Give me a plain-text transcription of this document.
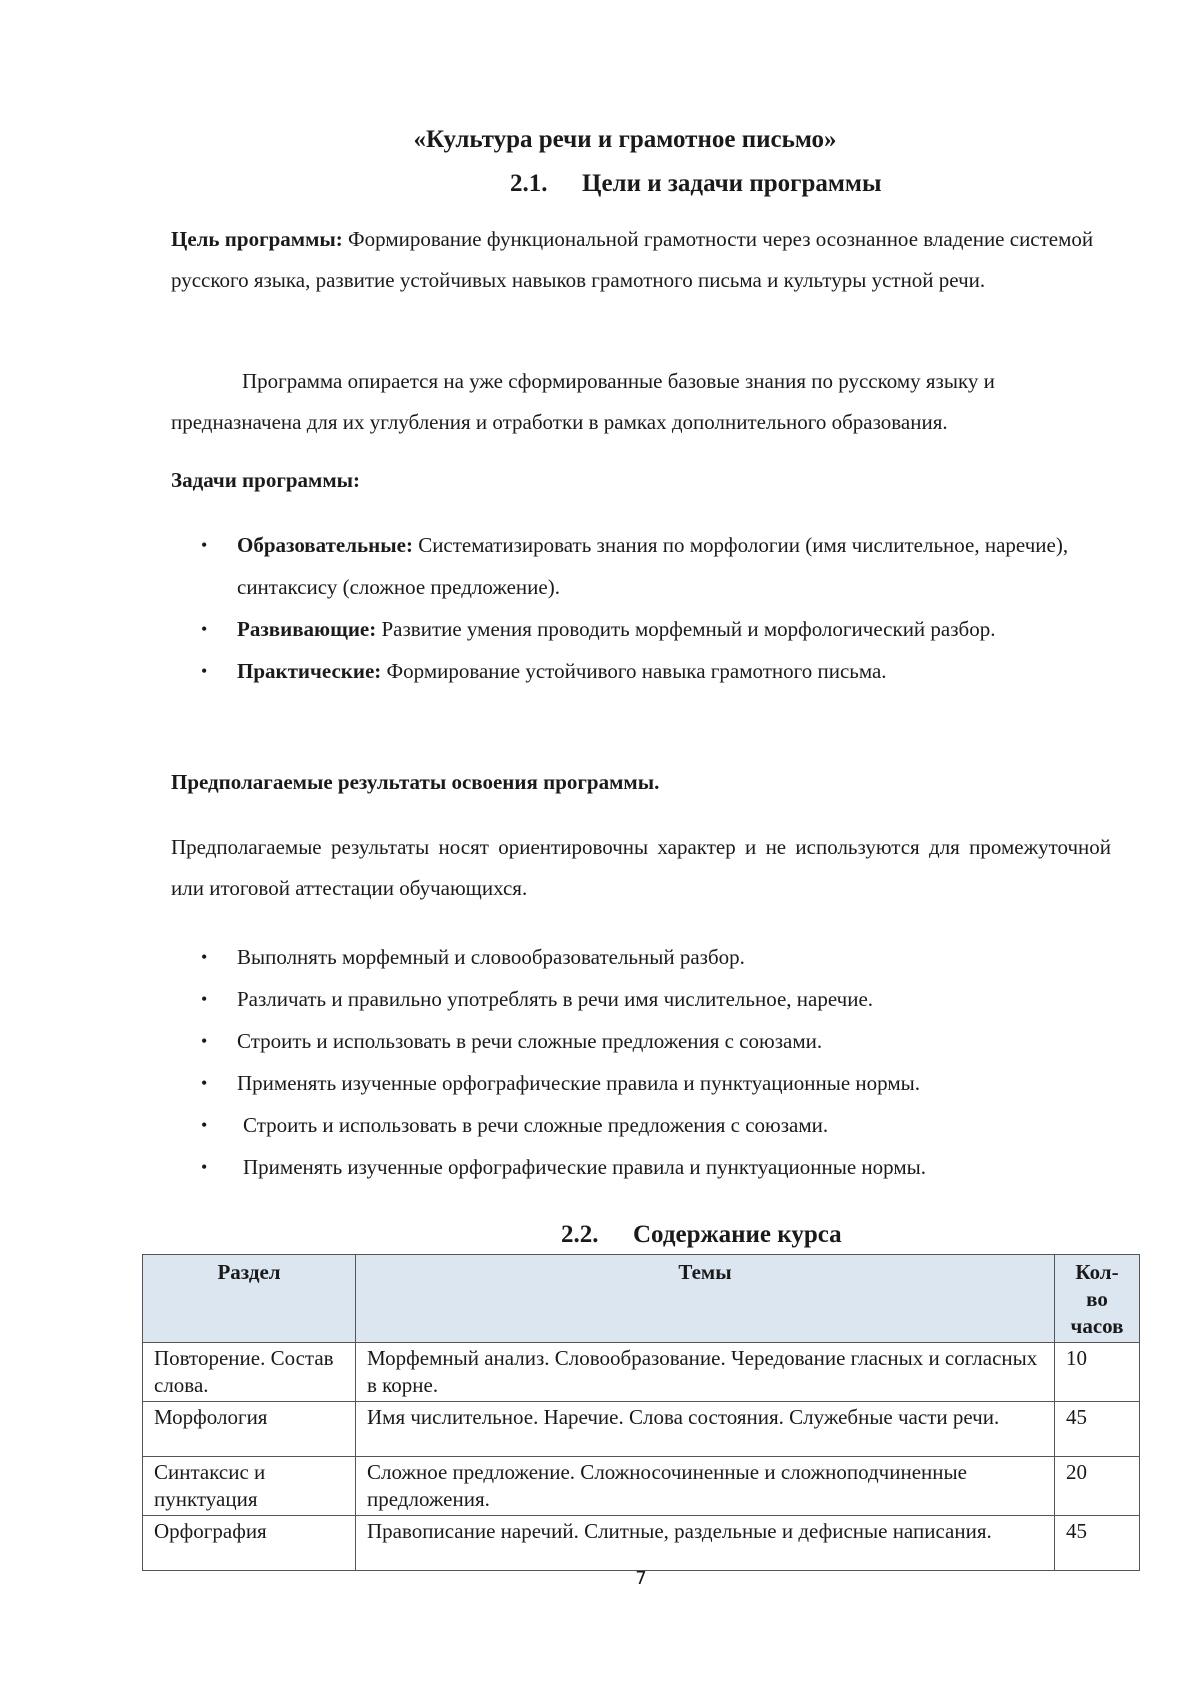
«Культура речи и грамотное письмо»
2.1. Цели и задачи программы
Цель программы: Формирование функциональной грамотности через осознанное владение системой русского языка, развитие устойчивых навыков грамотного письма и культуры устной речи.
Программа опирается на уже сформированные базовые знания по русскому языку и предназначена для их углубления и отработки в рамках дополнительного образования.
Задачи программы:
• Образовательные: Систематизировать знания по морфологии (имя числительное, наречие), синтаксису (сложное предложение).
• Развивающие: Развитие умения проводить морфемный и морфологический разбор.
• Практические: Формирование устойчивого навыка грамотного письма.
Предполагаемые результаты освоения программы.
Предполагаемые результаты носят ориентировочны характер и не используются для промежуточной или итоговой аттестации обучающихся.
• Выполнять морфемный и словообразовательный разбор.
• Различать и правильно употреблять в речи имя числительное, наречие.
• Строить и использовать в речи сложные предложения с союзами.
• Применять изученные орфографические правила и пунктуационные нормы.
• Строить и использовать в речи сложные предложения с союзами.
• Применять изученные орфографические правила и пунктуационные нормы.
2.2. Содержание курса
Раздел	Темы	Кол-во часов
Повторение. Состав слова.	Морфемный анализ. Словообразование. Чередование гласных и согласных в корне.	10
Морфология	Имя числительное. Наречие. Слова состояния. Служебные части речи.	45
Синтаксис и пунктуация	Сложное предложение. Сложносочиненные и сложноподчиненные предложения.	20
Орфография	Правописание наречий. Слитные, раздельные и дефисные написания.	45
7
